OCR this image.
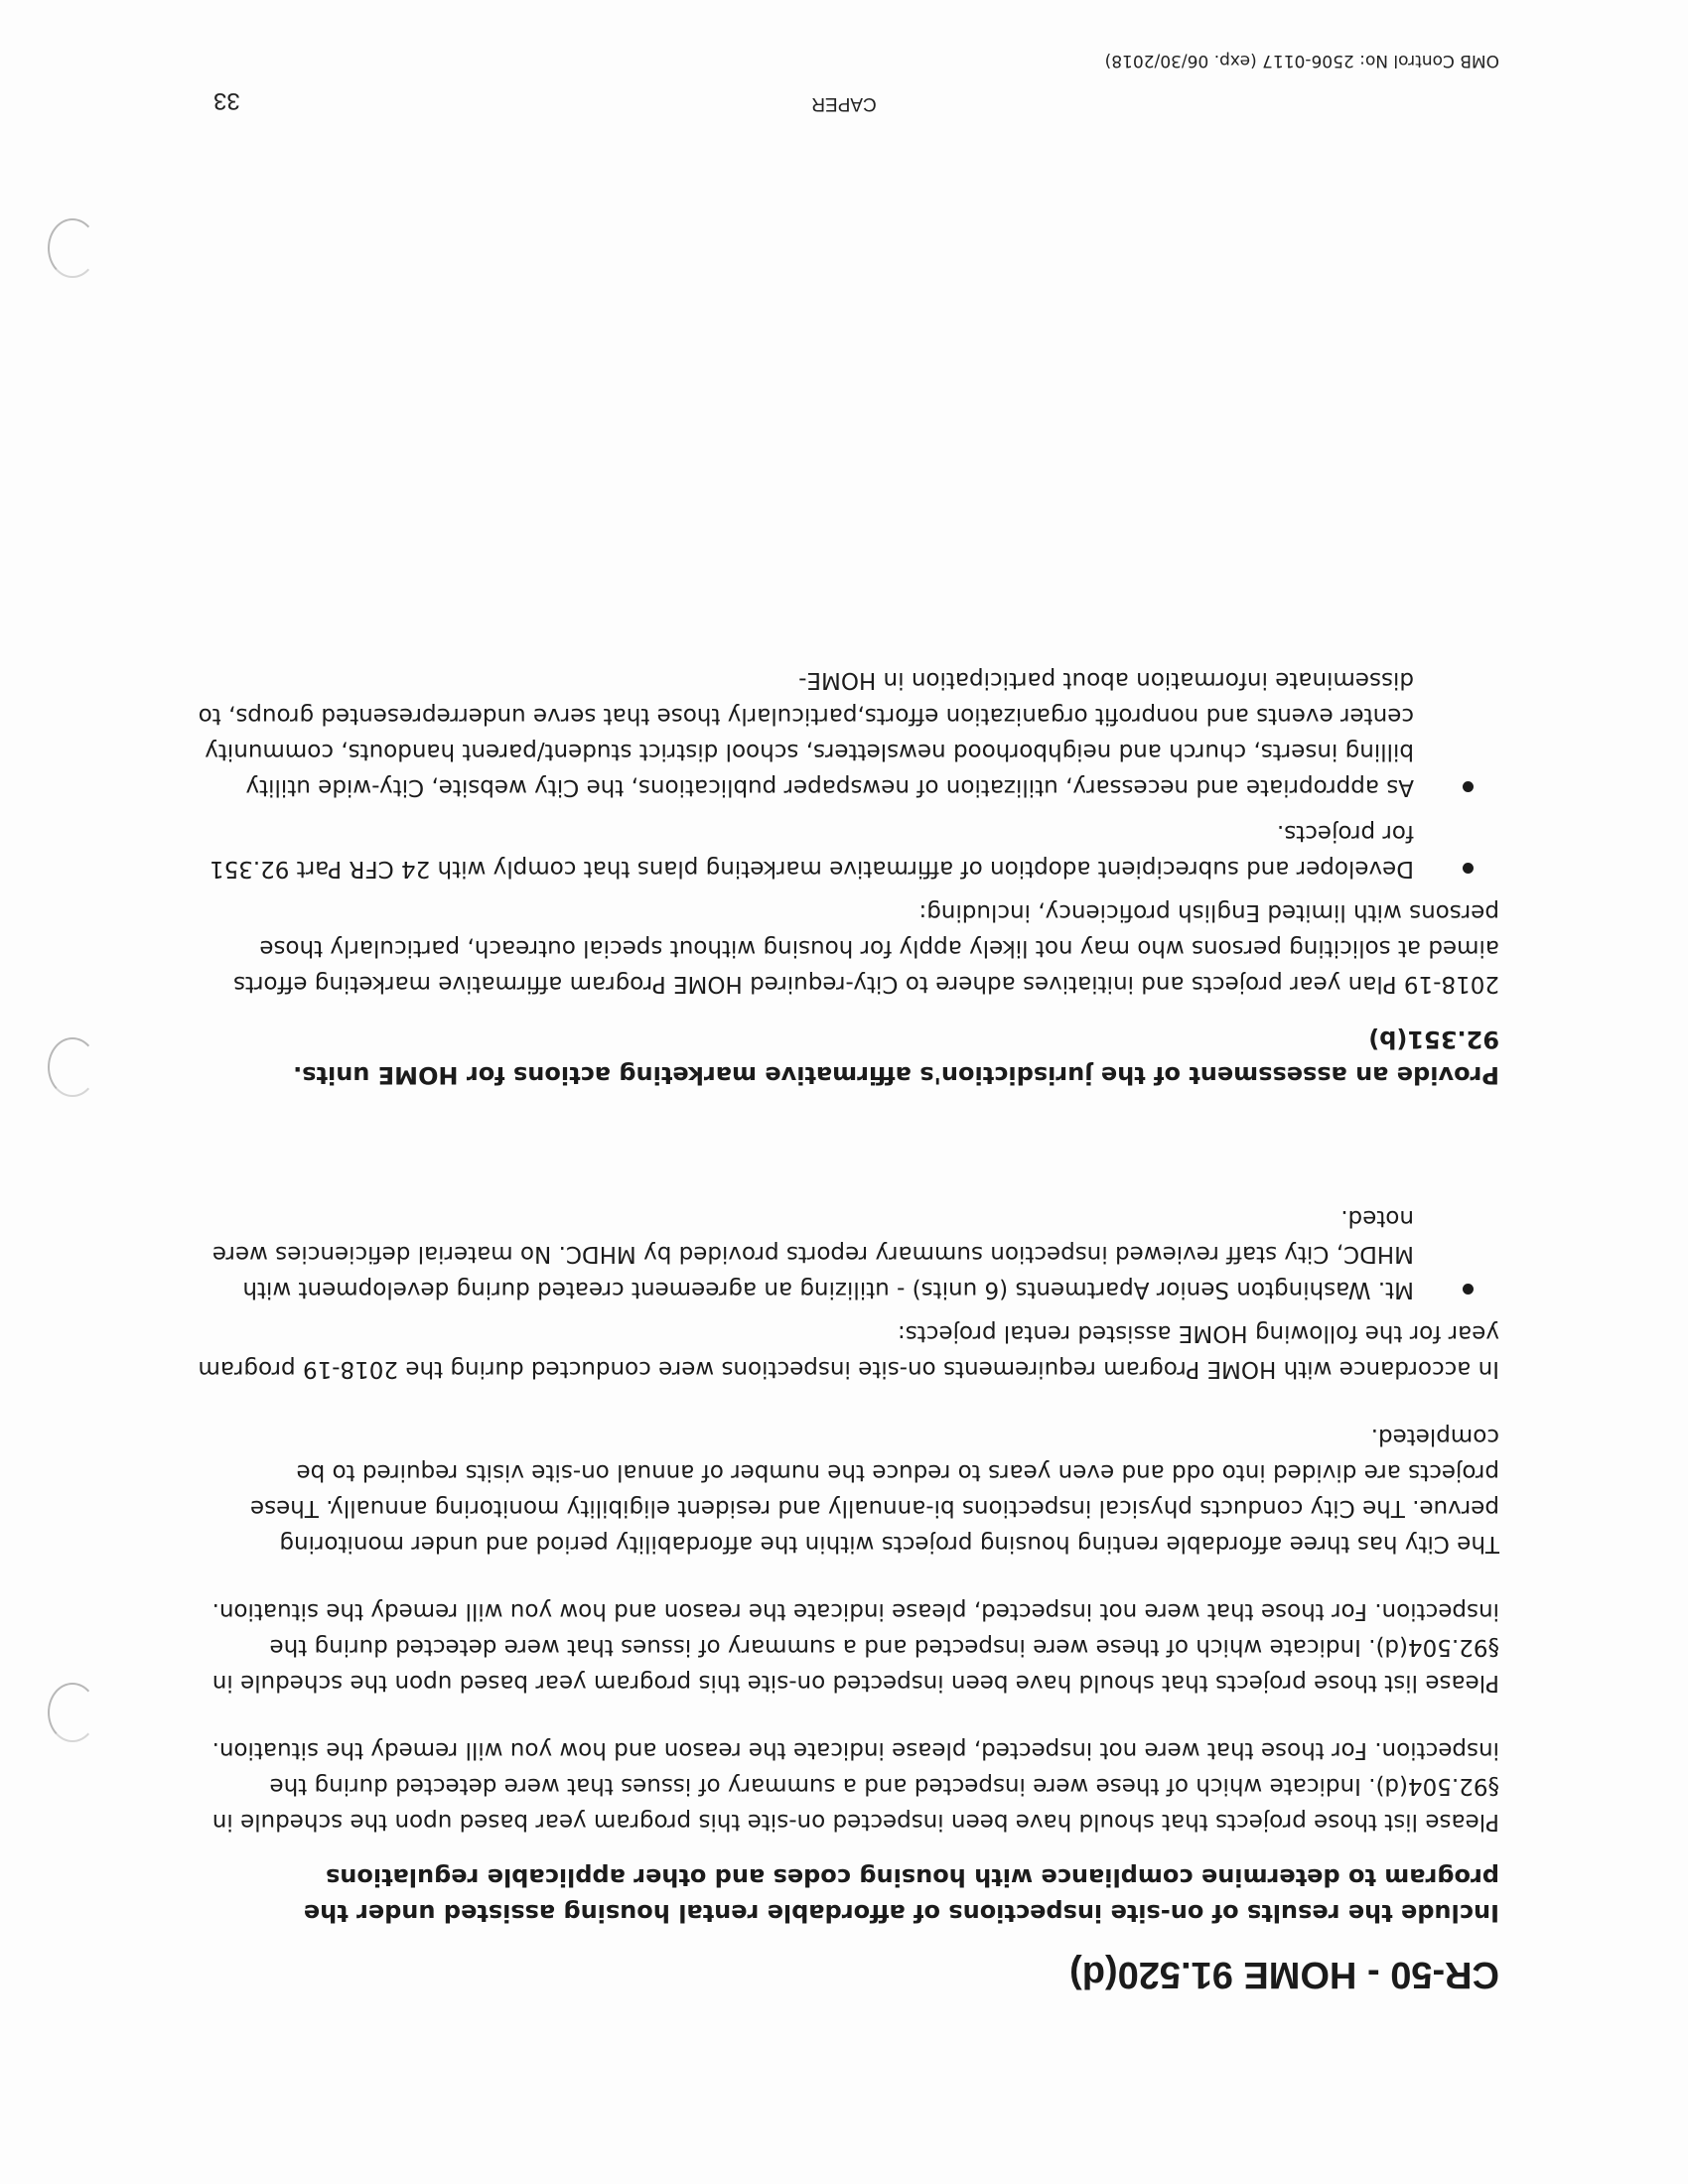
CR-50 - HOME 91.520(d)
Include the results of on-site inspections of affordable rental housing assisted under the program to determine compliance with housing codes and other applicable regulations
Please list those projects that should have been inspected on-site this program year based upon the schedule in §92.504(d). Indicate which of these were inspected and a summary of issues that were detected during the inspection. For those that were not inspected, please indicate the reason and how you will remedy the situation.
Please list those projects that should have been inspected on-site this program year based upon the schedule in §92.504(d). Indicate which of these were inspected and a summary of issues that were detected during the inspection. For those that were not inspected, please indicate the reason and how you will remedy the situation.
The City has three affordable renting housing projects within the affordability period and under monitoring pervue. The City conducts physical inspections bi-annually and resident eligibility monitoring annually. These projects are divided into odd and even years to reduce the number of annual on-site visits required to be completed.
In accordance with HOME Program requirements on-site inspections were conducted during the 2018-19 program year for the following HOME assisted rental projects:
Mt. Washington Senior Apartments (6 units) - utilizing an agreement created during development with MHDC, City staff reviewed inspection summary reports provided by MHDC. No material deficiencies were noted.
Provide an assessment of the jurisdiction's affirmative marketing actions for HOME units. 92.351(b)
2018-19 Plan year projects and initiatives adhere to City-required HOME Program affirmative marketing efforts aimed at soliciting persons who may not likely apply for housing without special outreach, particularly those persons with limited English proficiency, including:
Developer and subrecipient adoption of affirmative marketing plans that comply with 24 CFR Part 92.351 for projects.
As appropriate and necessary, utilization of newspaper publications, the City website, City-wide utility billing inserts, church and neighborhood newsletters, school district student/parent handouts, community center events and nonprofit organization efforts,particularly those that serve underrepresented groups, to disseminate information about participation in HOME-
CAPER
33
OMB Control No: 2506-0117 (exp. 06/30/2018)
